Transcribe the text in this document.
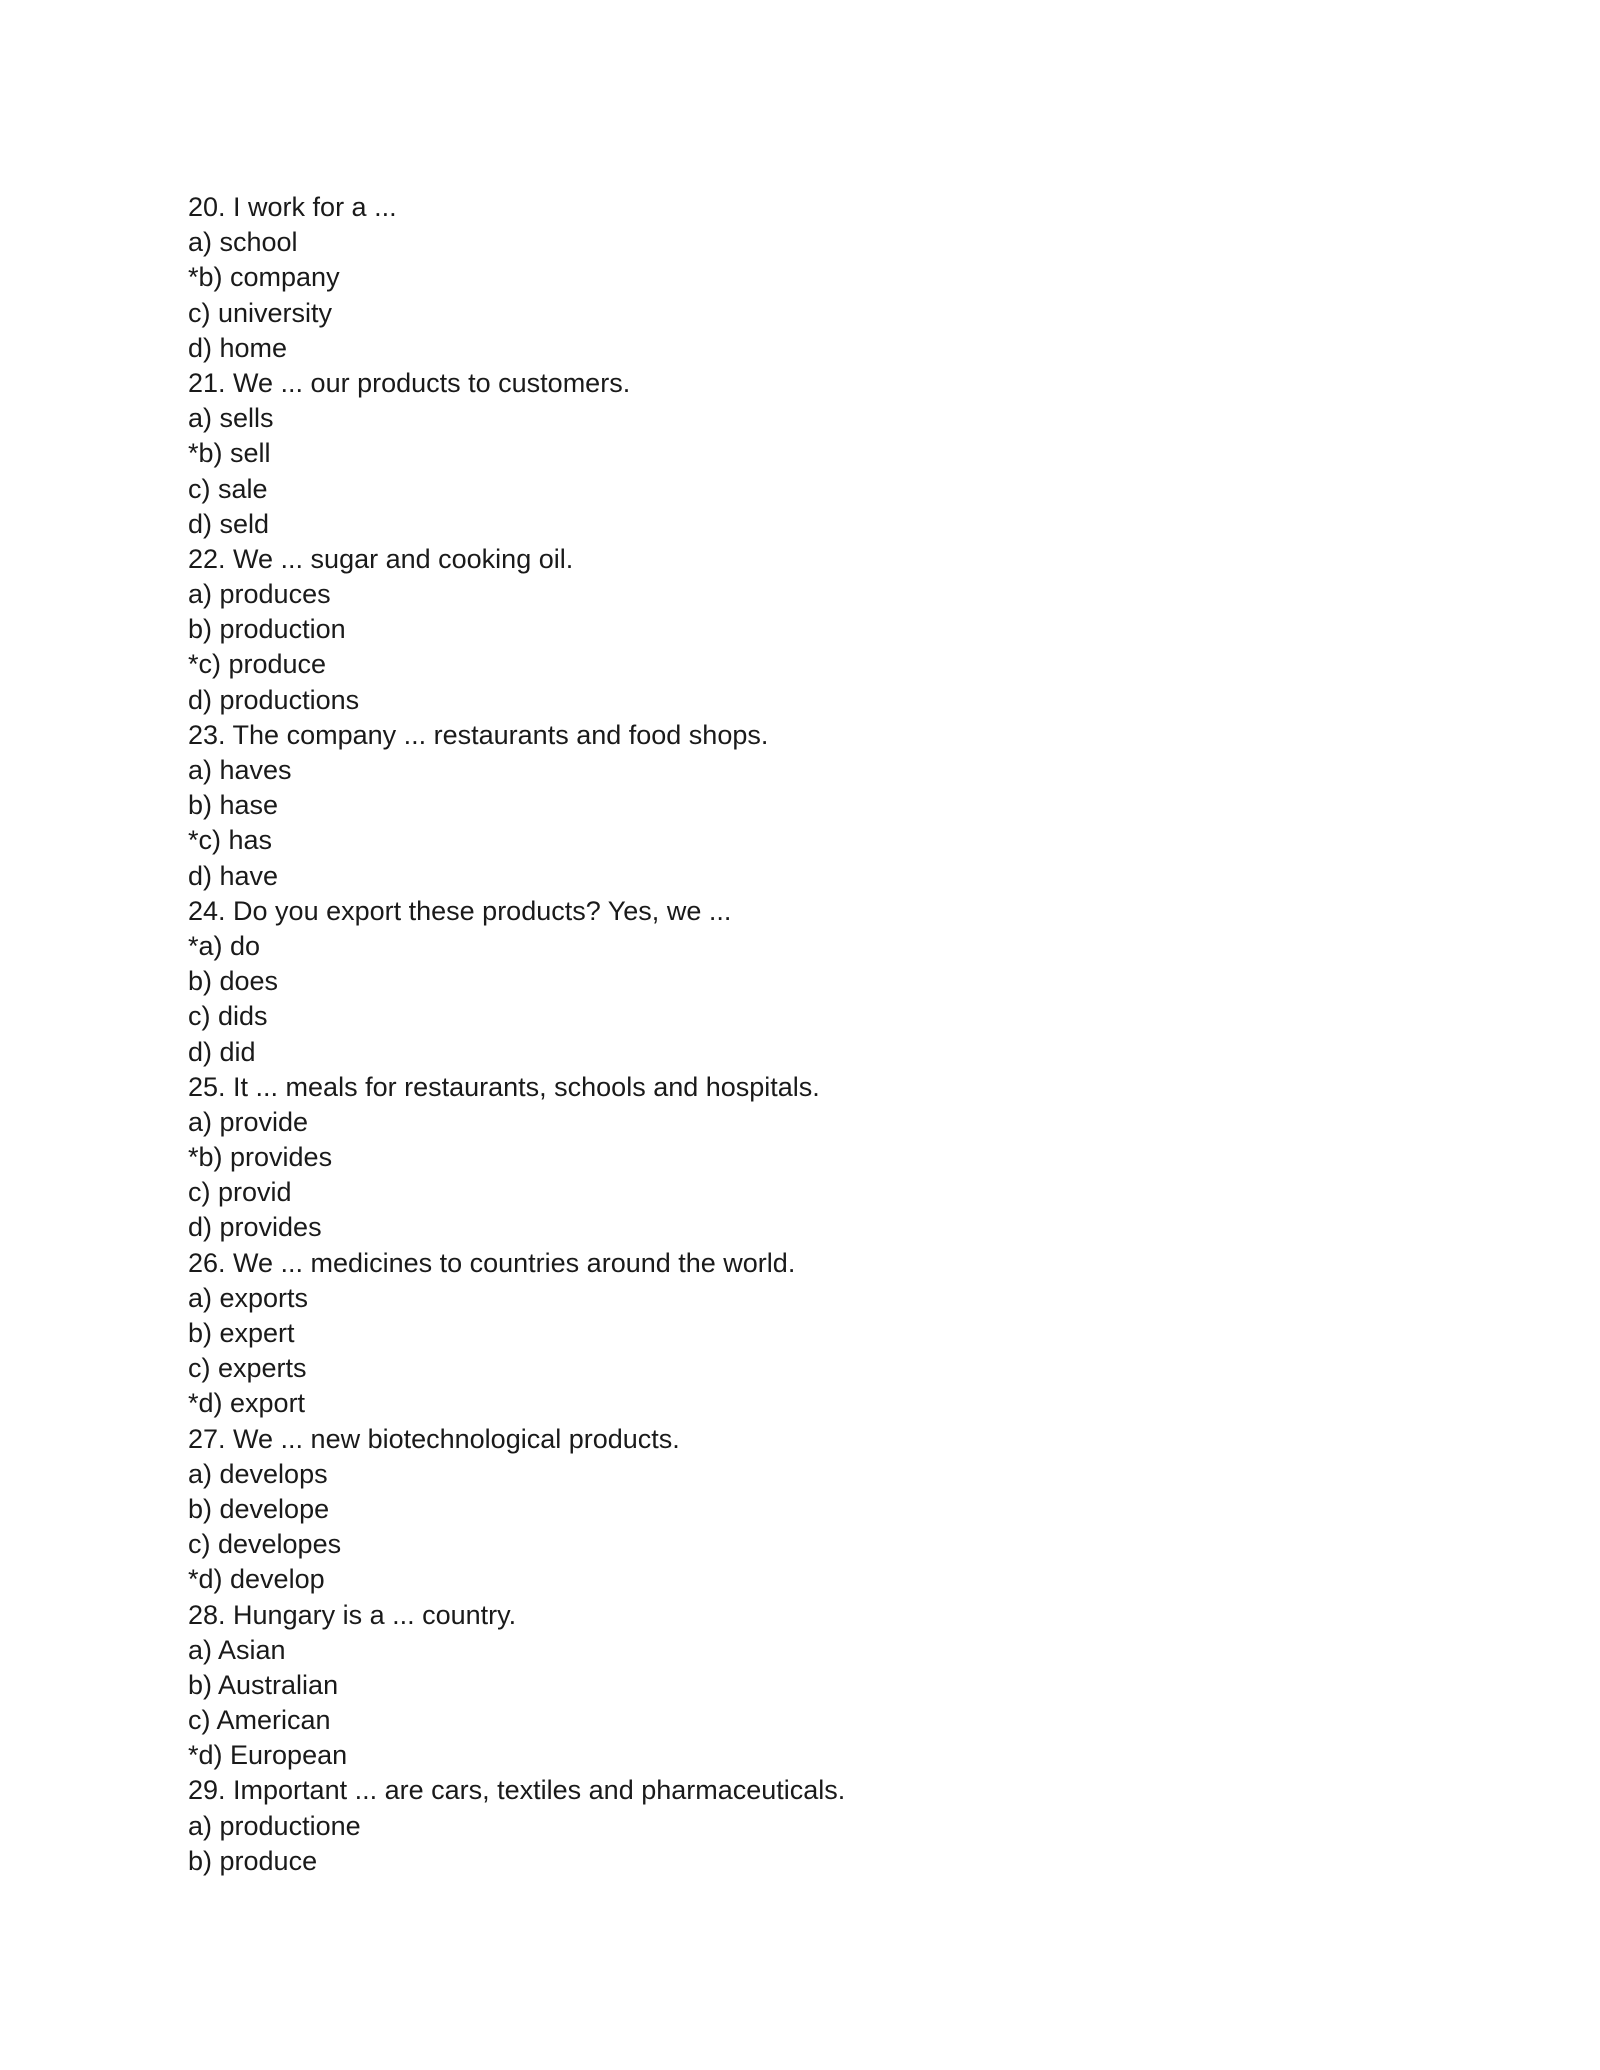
20. I work for a ...
a) school
*b) company
c) university
d) home
21. We ... our products to customers.
a) sells
*b) sell
c) sale
d) seld
22. We ... sugar and cooking oil.
a) produces
b) production
*c) produce
d) productions
23. The company ... restaurants and food shops.
a) haves
b) hase
*c) has
d) have
24. Do you export these products? Yes, we ...
*a) do
b) does
c) dids
d) did
25. It ... meals for restaurants, schools and hospitals.
a) provide
*b) provides
c) provid
d) provides
26. We ... medicines to countries around the world.
a) exports
b) expert
c) experts
*d) export
27. We ... new biotechnological products.
a) develops
b) develope
c) developes
*d) develop
28. Hungary is a ... country.
a) Asian
b) Australian
c) American
*d) European
29. Important ... are cars, textiles and pharmaceuticals.
a) productione
b) produce
